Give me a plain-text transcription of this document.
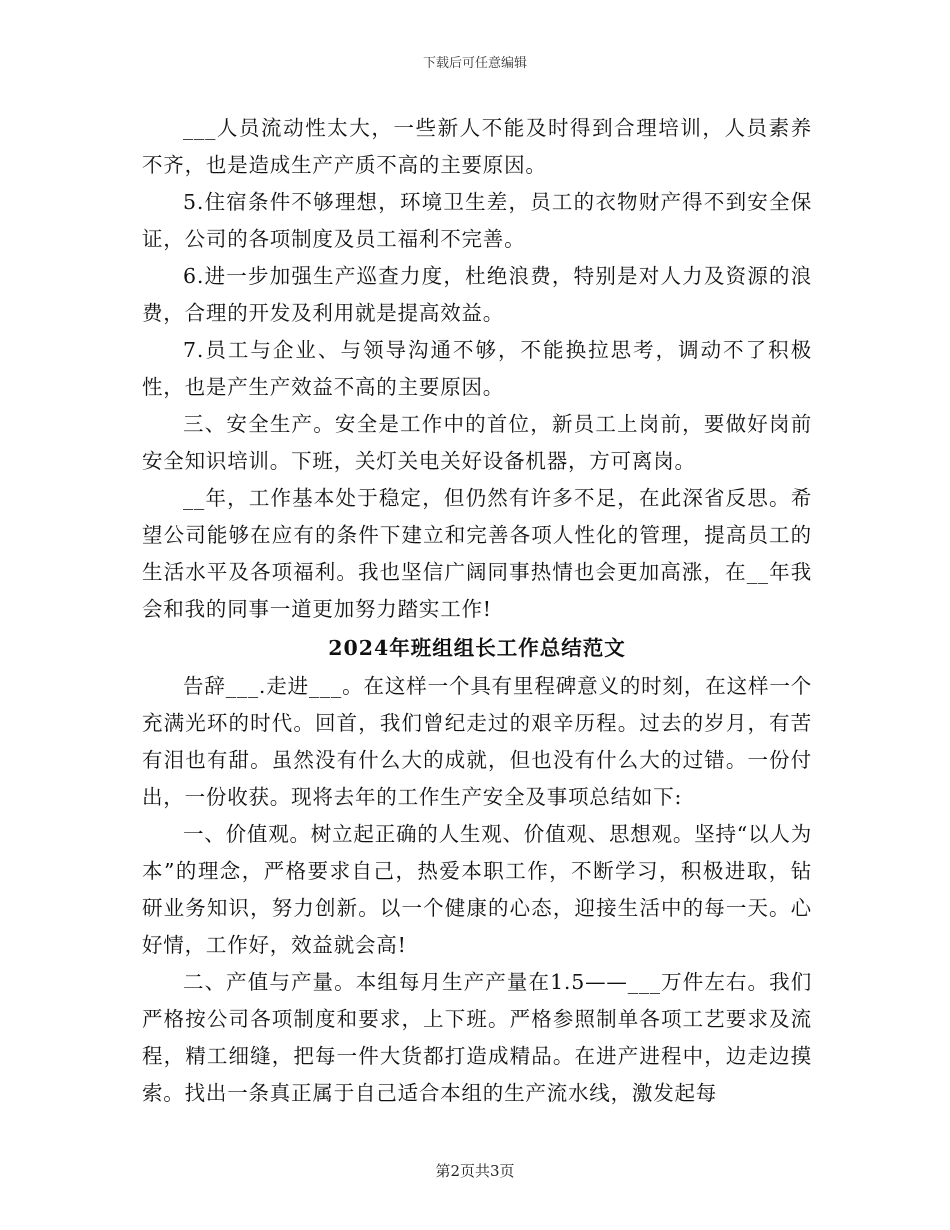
下载后可任意编辑

___人员流动性太大，一些新人不能及时得到合理培训，人员素养不齐，也是造成生产产质不高的主要原因。

5.住宿条件不够理想，环境卫生差，员工的衣物财产得不到安全保证，公司的各项制度及员工福利不完善。

6.进一步加强生产巡查力度，杜绝浪费，特别是对人力及资源的浪费，合理的开发及利用就是提高效益。

7.员工与企业、与领导沟通不够，不能换拉思考，调动不了积极性，也是产生产效益不高的主要原因。

三、安全生产。安全是工作中的首位，新员工上岗前，要做好岗前安全知识培训。下班，关灯关电关好设备机器，方可离岗。

__年，工作基本处于稳定，但仍然有许多不足，在此深省反思。希望公司能够在应有的条件下建立和完善各项人性化的管理，提高员工的生活水平及各项福利。我也坚信广阔同事热情也会更加高涨，在__年我会和我的同事一道更加努力踏实工作!

2024年班组组长工作总结范文

告辞___.走进___。在这样一个具有里程碑意义的时刻，在这样一个充满光环的时代。回首，我们曾纪走过的艰辛历程。过去的岁月，有苦有泪也有甜。虽然没有什么大的成就，但也没有什么大的过错。一份付出，一份收获。现将去年的工作生产安全及事项总结如下:

一、价值观。树立起正确的人生观、价值观、思想观。坚持“以人为本”的理念，严格要求自己，热爱本职工作，不断学习，积极进取，钻研业务知识，努力创新。以一个健康的心态，迎接生活中的每一天。心好情，工作好，效益就会高!

二、产值与产量。本组每月生产产量在1.5——___万件左右。我们严格按公司各项制度和要求，上下班。严格参照制单各项工艺要求及流程，精工细缝，把每一件大货都打造成精品。在进产进程中，边走边摸索。找出一条真正属于自己适合本组的生产流水线，激发起每

第2页共3页
